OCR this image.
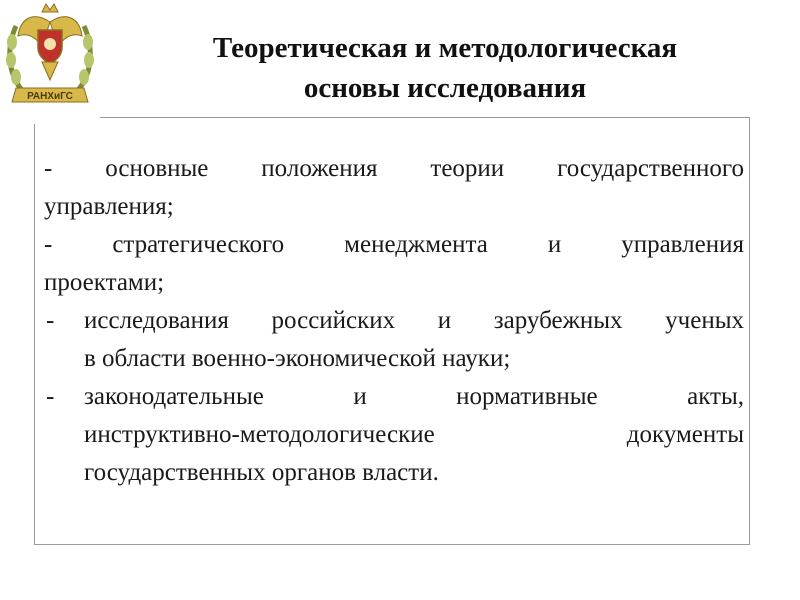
РАНХиГС
Теоретическая и методологическая
основы исследования
- основные положения теории государственного
управления;
- стратегического менеджмента и управления
проектами;
- исследования российских и зарубежных ученых
в области военно-экономической науки;
- законодательные и нормативные акты,
инструктивно-методологические документы
государственных органов власти.
